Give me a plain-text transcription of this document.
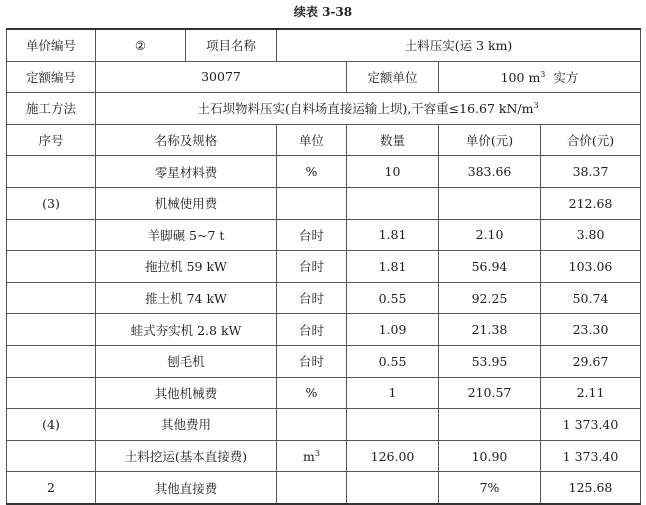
续表 3-38
单价编号	②	项目名称	土料压实(运 3 km)			
定额编号	30077			定额单位	100 $m^3$ 实方	
施工方法	土石坝物料压实(自料场直接运输上坝),干容重≤16.67 $kN/m^3$
序号	名称及规格		单位	数量	单价(元)	合价(元)
	零星材料费		%	10	383.66	38.37
(3)	机械使用费					212.68
	羊脚碾 5~7 t		台时	1.81	2.10	3.80
	拖拉机 59 kW		台时	1.81	56.94	103.06
	推土机 74 kW		台时	0.55	92.25	50.74
	蛙式夯实机 2.8 kW		台时	1.09	21.38	23.30
	刨毛机		台时	0.55	53.95	29.67
	其他机械费		%	1	210.57	2.11
(4)	其他费用					1 373.40
	土料挖运(基本直接费)		$m^3$	126.00	10.90	1 373.40
2	其他直接费				7%	125.68
